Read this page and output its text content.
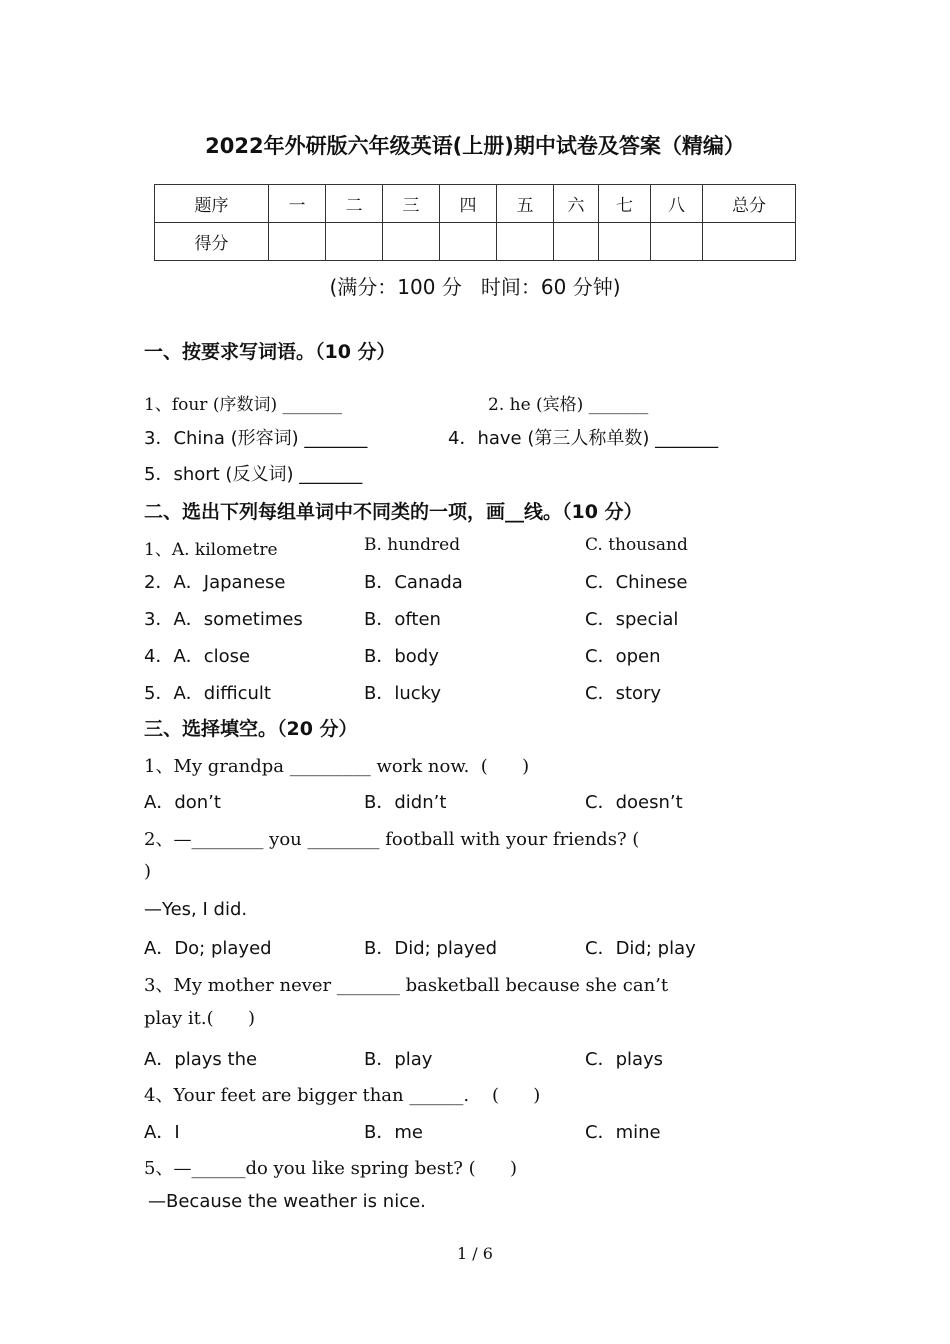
2022年外研版六年级英语(上册)期中试卷及答案（精编）
题序	一	二	三	四	五	六	七	八	总分
得分									
(满分：100 分   时间：60 分钟)
一、按要求写词语。（10 分）
1、four (序数词) _______	2. he (宾格) _______
3．China (形容词) _______	4．have (第三人称单数) _______
5．short (反义词) _______
二、选出下列每组单词中不同类的一项，画__线。（10 分）
1、A. kilometre	B. hundred	C. thousand
2．A．Japanese	B．Canada	C．Chinese
3．A．sometimes	B．often	C．special
4．A．close	B．body	C．open
5．A．difficult	B．lucky	C．story
三、选择填空。（20 分）
1、My grandpa _________ work now.  (      )
A．don’t	B．didn’t	C．doesn’t
2、—________ you ________ football with your friends? (
)
—Yes, I did.
A．Do; played	B．Did; played	C．Did; play
3、My mother never _______ basketball because she can’t
play it.(      )
A．plays the	B．play	C．plays
4、Your feet are bigger than ______.    (      )
A．I	B．me	C．mine
5、—______do you like spring best? (      )
—Because the weather is nice.
1 / 6
